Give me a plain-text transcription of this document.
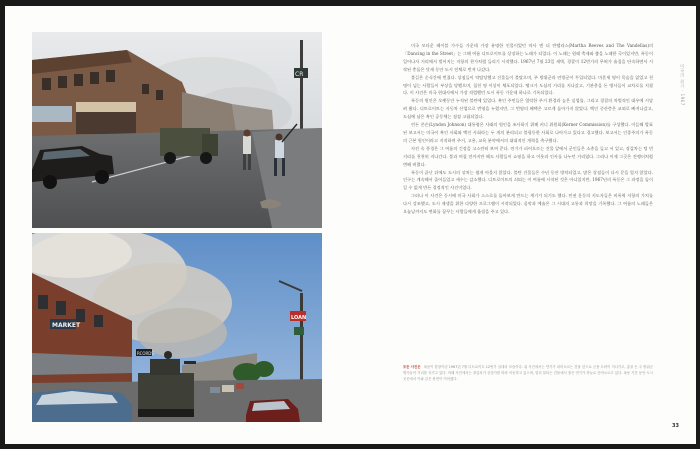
CR
MARKET
RCORDS
LOAN
미국의 위기 · 1967

미국 모타운 레이블 가수들 가운데 가장 유명한 인물이었던 마사 앤 더 반델라스(Martha Reeves and The Vandellas)의 「Dancing in the Street」는 그해 여름 디트로이트를 상징하는 노래가 되었다. 이 노래는 원래 축제와 춤을 노래한 곡이었지만, 폭동이 일어나자 거리에서 벌어지는 저항의 찬가처럼 들리기 시작했다. 1967년 7월 23일 새벽, 경찰이 12번가의 무허가 술집을 단속하면서 시작된 충돌은 닷새 동안 도시 전체로 번져 나갔다.

불길은 순식간에 번졌다. 상점들이 약탈당했고 건물들이 불탔으며, 주 방위군과 연방군이 투입되었다. 마흔세 명이 목숨을 잃었고 천 명이 넘는 사람들이 부상을 당했으며, 칠천 명 이상이 체포되었다. 탱크가 도심의 거리를 지나갔고, 기관총을 든 병사들이 교차로를 지켰다. 이 사건은 미국 현대사에서 가장 격렬했던 도시 폭동 가운데 하나로 기록되었다.

폭동의 원인은 오랫동안 누적된 불만에 있었다. 흑인 주민들은 열악한 주거 환경과 높은 실업률, 그리고 경찰의 차별적인 대우에 시달려 왔다. 디트로이트는 자동차 산업으로 번영을 누렸지만, 그 번영의 혜택은 고르게 돌아가지 않았다. 백인 중산층은 교외로 빠져나갔고, 도심에 남은 흑인 공동체는 점점 고립되었다.

린든 존슨(Lyndon Johnson) 대통령은 사태의 원인을 조사하기 위해 커너 위원회(Kerner Commission)를 구성했다. 이듬해 발표된 보고서는 미국이 흑인 사회와 백인 사회라는 두 개의 분리되고 불평등한 사회로 나아가고 있다고 경고했다. 보고서는 인종주의가 폭동의 근본 원인이라고 지적하며 주거, 고용, 교육 분야에서의 대대적인 개혁을 촉구했다.

사진 속 풍경은 그 여름의 긴장을 고스란히 보여 준다. 연기가 피어오르는 건물 앞에서 군인들은 소총을 들고 서 있고, 장갑차는 텅 빈 거리를 천천히 지나간다. 불과 며칠 전까지만 해도 사람들이 쇼핑을 하고 이웃과 인사를 나누던 거리였다. 그러나 이제 그곳은 전쟁터처럼 변해 버렸다.

폭동이 끝난 뒤에도 도시의 상처는 쉽게 아물지 않았다. 불탄 건물들은 수년 동안 방치되었고, 많은 상점들이 다시 문을 열지 않았다. 인구는 계속해서 줄어들었고 세수는 감소했다. 디트로이트의 쇠퇴는 이 여름에 시작된 것은 아니었지만, 1967년의 폭동은 그 과정을 돌이킬 수 없게 만든 결정적인 사건이었다.

그러나 이 사건은 동시에 미국 사회가 스스로를 돌아보게 만드는 계기가 되기도 했다. 민권 운동의 지도자들은 비폭력 저항의 가치를 다시 강조했고, 도시 재생을 위한 다양한 프로그램이 시작되었다. 음악과 예술은 그 시대의 고통과 희망을 기록했다. 그 여름의 노래들은 오늘날까지도 변화를 꿈꾸는 사람들에게 울림을 주고 있다.

모든 사진은 폭동이 한창이던 1967년 7월 디트로이트 12번가 일대의 모습이다. 위 사진에서는 연기가 피어오르는 건물 앞으로 군용 트럭이 지나가고, 총을 든 주 방위군 병사들이 거리를 지키고 있다. 아래 사진에서는 장갑차가 상점가를 따라 이동하고 있으며, 멀리 불타는 건물에서 짙은 연기가 하늘로 솟아오르고 있다. 폭동 기간 동안 도시 곳곳에서 이와 같은 장면이 이어졌다.
33
